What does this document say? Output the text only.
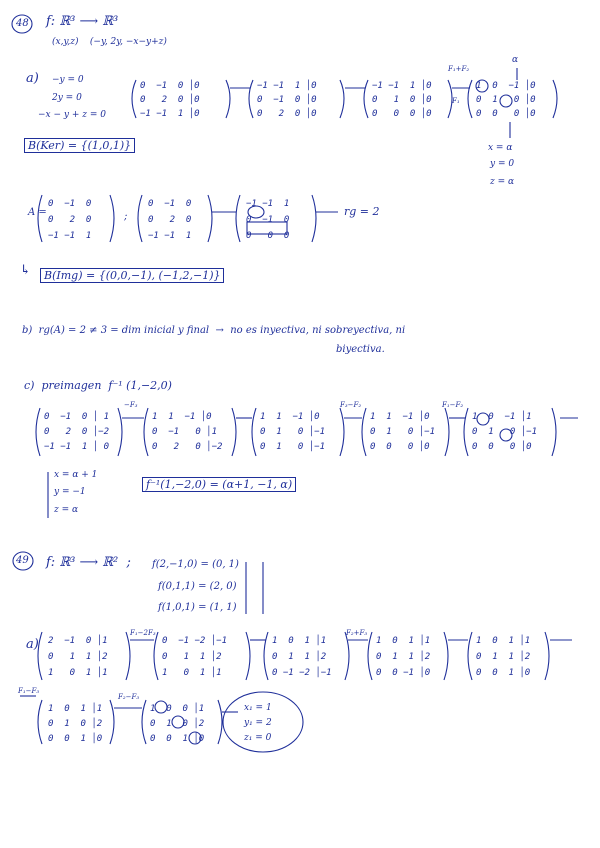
48 f: ℝ³ ⟶ ℝ³
(x,y,z)    (−y, 2y, −x−y+z)
a) −y = 0
2y = 0
−x − y + z = 0
0  −1  0 │0
0   2  0 │0
−1 −1  1 │0
−1 −1  1 │0
0  −1  0 │0
0   2  0 │0
−1 −1  1 │0
0   1  0 │0
0   0  0 │0
1  0  −1 │0
0  1   0 │0
0  0   0 │0
F₁+F₂
F₁
α
x = α
y = 0
z = α
B(Ker) = {(1,0,1)}
A =
0  −1  0
0   2  0
−1 −1  1
;
0  −1  0
0   2  0
−1 −1  1
−1 −1  1
0  −1  0
0   0  0
rg = 2
↳	B(Img) = {(0,0,−1), (−1,2,−1)}
b)  rg(A) = 2 ≠ 3 = dim inicial y final  →  no es inyectiva, ni sobreyectiva, ni
biyectiva.
c)  preimagen  f⁻¹ (1,−2,0)
0  −1  0 │ 1
0   2  0 │−2
−1 −1  1 │ 0
−F₃
1  1  −1 │0
0  −1   0 │1
0   2   0 │−2
1  1  −1 │0
0  1   0 │−1
0  1   0 │−1
F₃−F₂
1  1  −1 │0
0  1   0 │−1
0  0   0 │0
F₁−F₂
1  0  −1 │1
0  1   0 │−1
0  0   0 │0
x = α + 1
y = −1
z = α
f⁻¹(1,−2,0) = (α+1, −1, α)
49 f: ℝ³ ⟶ ℝ²  ; f(2,−1,0) = (0, 1)
f(0,1,1) = (2, 0)
f(1,0,1) = (1, 1)
a) 2  −1  0 │1
0   1  1 │2
1   0  1 │1
F₁−2F₃
0  −1 −2 │−1
0   1  1 │2
1   0  1 │1
1  0  1 │1
0  1  1 │2
0 −1 −2 │−1
F₂+F₃
1  0  1 │1
0  1  1 │2
0  0 −1 │0
1  0  1 │1
0  1  1 │2
0  0  1 │0
F₁−F₃
1  0  1 │1
0  1  0 │2
0  0  1 │0
F₂−F₃
1  0  0 │1
0  1  0 │2
0  0  1 │0
x₁ = 1
y₁ = 2
z₁ = 0
